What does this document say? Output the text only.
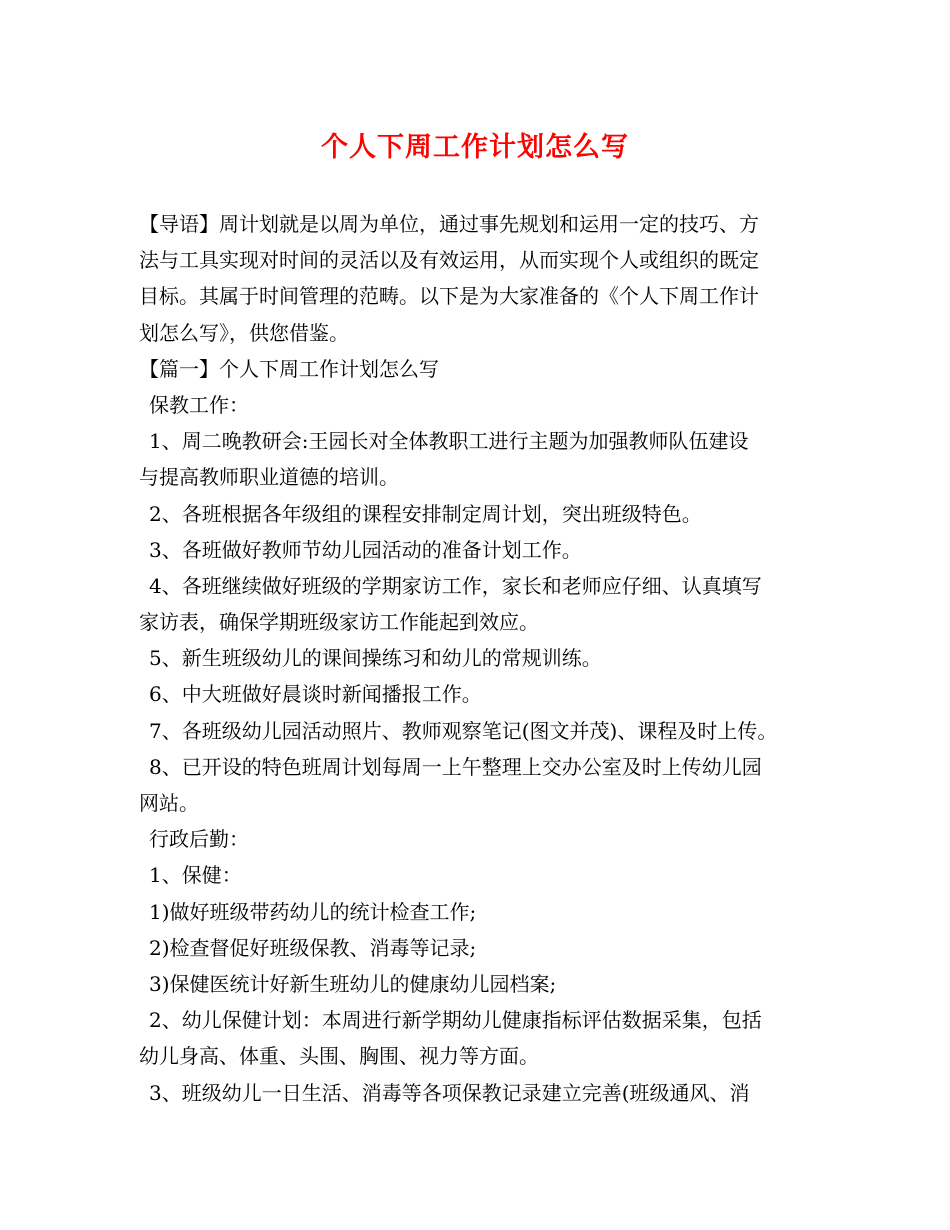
个人下周工作计划怎么写
【导语】周计划就是以周为单位，通过事先规划和运用一定的技巧、方
法与工具实现对时间的灵活以及有效运用，从而实现个人或组织的既定
目标。其属于时间管理的范畴。以下是为大家准备的《个人下周工作计
划怎么写》，供您借鉴。
【篇一】个人下周工作计划怎么写
保教工作：
1、周二晚教研会:王园长对全体教职工进行主题为加强教师队伍建设
与提高教师职业道德的培训。
2、各班根据各年级组的课程安排制定周计划，突出班级特色。
3、各班做好教师节幼儿园活动的准备计划工作。
4、各班继续做好班级的学期家访工作，家长和老师应仔细、认真填写
家访表，确保学期班级家访工作能起到效应。
5、新生班级幼儿的课间操练习和幼儿的常规训练。
6、中大班做好晨谈时新闻播报工作。
7、各班级幼儿园活动照片、教师观察笔记(图文并茂)、课程及时上传。
8、已开设的特色班周计划每周一上午整理上交办公室及时上传幼儿园
网站。
行政后勤：
1、保健：
1)做好班级带药幼儿的统计检查工作;
2)检查督促好班级保教、消毒等记录;
3)保健医统计好新生班幼儿的健康幼儿园档案;
2、幼儿保健计划：本周进行新学期幼儿健康指标评估数据采集，包括
幼儿身高、体重、头围、胸围、视力等方面。
3、班级幼儿一日生活、消毒等各项保教记录建立完善(班级通风、消
